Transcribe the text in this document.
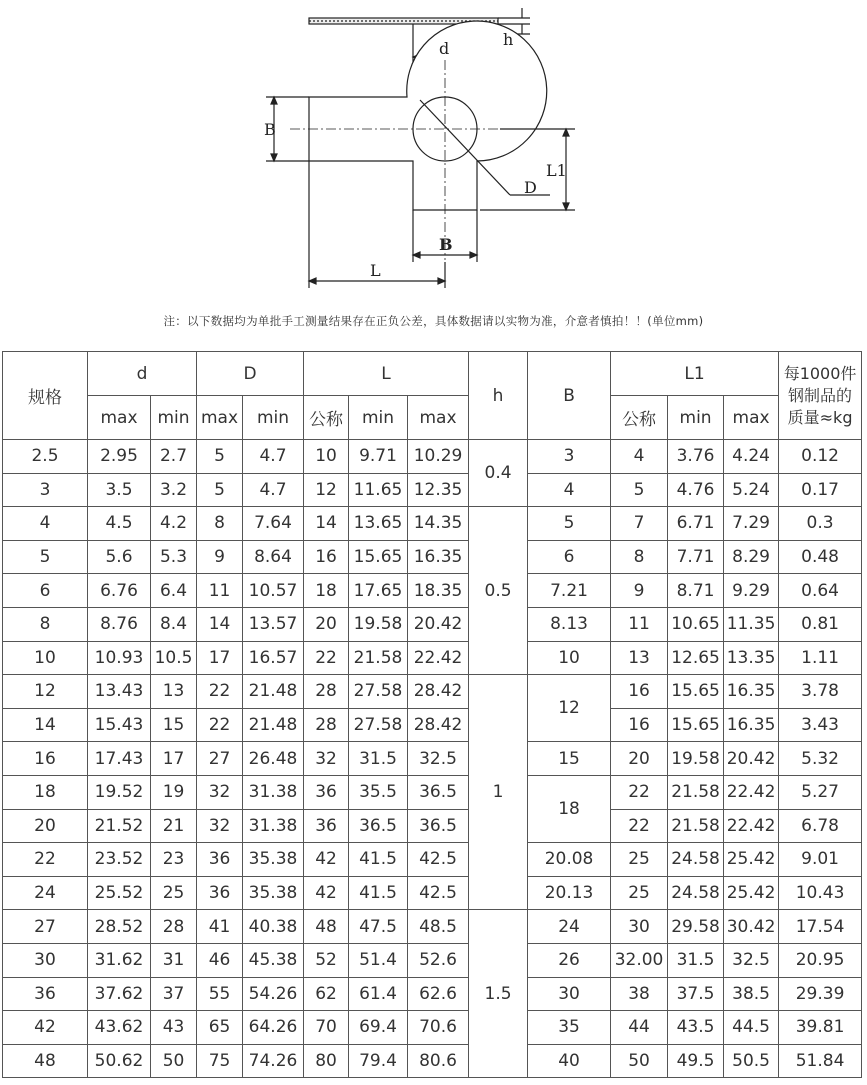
d	h
B
L1
D
B
L
注：以下数据均为单批手工测量结果存在正负公差，具体数据请以实物为准，介意者慎拍！！(单位mm)
规格	d		D		L			h	B	L1			每1000件 钢制品的 质量≈kg
	max	min	max	min	公称	min	max			公称	min	max	
2.5	2.95	2.7	5	4.7	10	9.71	10.29	0.4	3	4	3.76	4.24	0.12
3	3.5	3.2	5	4.7	12	11.65	12.35		4	5	4.76	5.24	0.17
4	4.5	4.2	8	7.64	14	13.65	14.35	0.5	5	7	6.71	7.29	0.3
5	5.6	5.3	9	8.64	16	15.65	16.35		6	8	7.71	8.29	0.48
6	6.76	6.4	11	10.57	18	17.65	18.35		7.21	9	8.71	9.29	0.64
8	8.76	8.4	14	13.57	20	19.58	20.42		8.13	11	10.65	11.35	0.81
10	10.93	10.5	17	16.57	22	21.58	22.42		10	13	12.65	13.35	1.11
12	13.43	13	22	21.48	28	27.58	28.42	1	12	16	15.65	16.35	3.78
14	15.43	15	22	21.48	28	27.58	28.42			16	15.65	16.35	3.43
16	17.43	17	27	26.48	32	31.5	32.5		15	20	19.58	20.42	5.32
18	19.52	19	32	31.38	36	35.5	36.5		18	22	21.58	22.42	5.27
20	21.52	21	32	31.38	36	36.5	36.5			22	21.58	22.42	6.78
22	23.52	23	36	35.38	42	41.5	42.5		20.08	25	24.58	25.42	9.01
24	25.52	25	36	35.38	42	41.5	42.5		20.13	25	24.58	25.42	10.43
27	28.52	28	41	40.38	48	47.5	48.5	1.5	24	30	29.58	30.42	17.54
30	31.62	31	46	45.38	52	51.4	52.6		26	32.00	31.5	32.5	20.95
36	37.62	37	55	54.26	62	61.4	62.6		30	38	37.5	38.5	29.39
42	43.62	43	65	64.26	70	69.4	70.6		35	44	43.5	44.5	39.81
48	50.62	50	75	74.26	80	79.4	80.6		40	50	49.5	50.5	51.84
